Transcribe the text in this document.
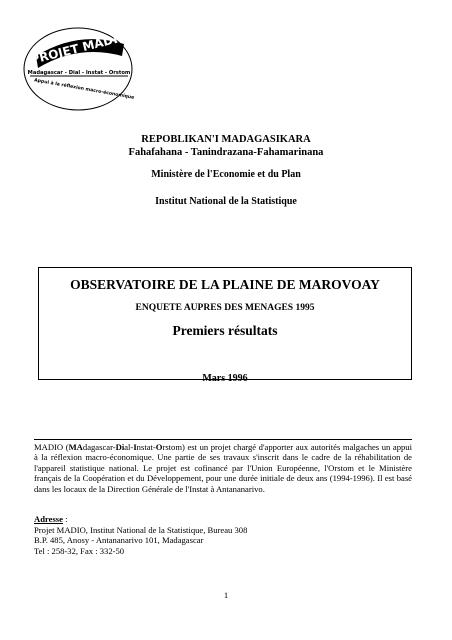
PROJET MADIO
Madagascar - Dial - Instat - Orstom
Appui à la réflexion macro-économique
REPOBLIKAN'I MADAGASIKARA
Fahafahana - Tanindrazana-Fahamarinana
Ministère de l'Economie et du Plan
Institut National de la Statistique
OBSERVATOIRE DE LA PLAINE DE MAROVOAY
ENQUETE AUPRES DES MENAGES 1995
Premiers résultats
Mars 1996
MADIO (MAdagascar-Dial-Instat-Orstom) est un projet chargé d'apporter aux autorités malgaches un appui à la réflexion macro-économique. Une partie de ses travaux s'inscrit dans le cadre de la réhabilitation de l'appareil statistique national. Le projet est cofinancé par l'Union Européenne, l'Orstom et le Ministère français de la Coopération et du Développement, pour une durée initiale de deux ans (1994-1996). Il est basé dans les locaux de la Direction Générale de l'Instat à Antananarivo.
Adresse :
Projet MADIO, Institut National de la Statistique, Bureau 308
B.P. 485, Anosy - Antananarivo 101, Madagascar
Tel : 258-32, Fax : 332-50
1
